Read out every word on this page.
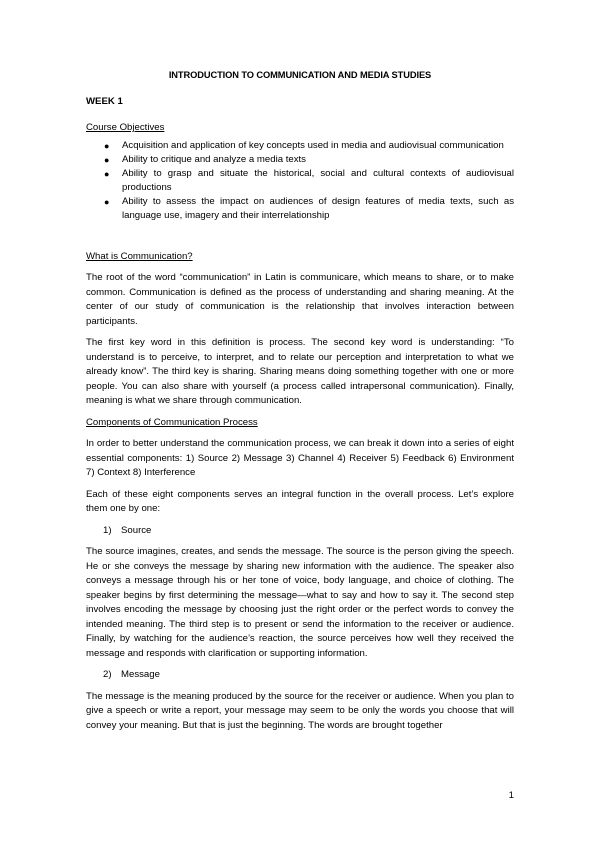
INTRODUCTION TO COMMUNICATION AND MEDIA STUDIES
WEEK 1
Course Objectives
● Acquisition and application of key concepts used in media and audiovisual communication
● Ability to critique and analyze a media texts
● Ability to grasp and situate the historical, social and cultural contexts of audiovisual productions
● Ability to assess the impact on audiences of design features of media texts, such as language use, imagery and their interrelationship
What is Communication?

The root of the word “communication” in Latin is communicare, which means to share, or to make common. Communication is defined as the process of understanding and sharing meaning. At the center of our study of communication is the relationship that involves interaction between participants.

The first key word in this definition is process. The second key word is understanding: “To understand is to perceive, to interpret, and to relate our perception and interpretation to what we already know”. The third key is sharing. Sharing means doing something together with one or more people. You can also share with yourself (a process called intrapersonal communication). Finally, meaning is what we share through communication.

Components of Communication Process

In order to better understand the communication process, we can break it down into a series of eight essential components: 1) Source 2) Message 3) Channel 4) Receiver 5) Feedback 6) Environment 7) Context 8) Interference

Each of these eight components serves an integral function in the overall process. Let’s explore them one by one:

1) Source

The source imagines, creates, and sends the message. The source is the person giving the speech. He or she conveys the message by sharing new information with the audience. The speaker also conveys a message through his or her tone of voice, body language, and choice of clothing. The speaker begins by first determining the message—what to say and how to say it. The second step involves encoding the message by choosing just the right order or the perfect words to convey the intended meaning. The third step is to present or send the information to the receiver or audience. Finally, by watching for the audience’s reaction, the source perceives how well they received the message and responds with clarification or supporting information.

2) Message

The message is the meaning produced by the source for the receiver or audience. When you plan to give a speech or write a report, your message may seem to be only the words you choose that will convey your meaning. But that is just the beginning. The words are brought together

1
